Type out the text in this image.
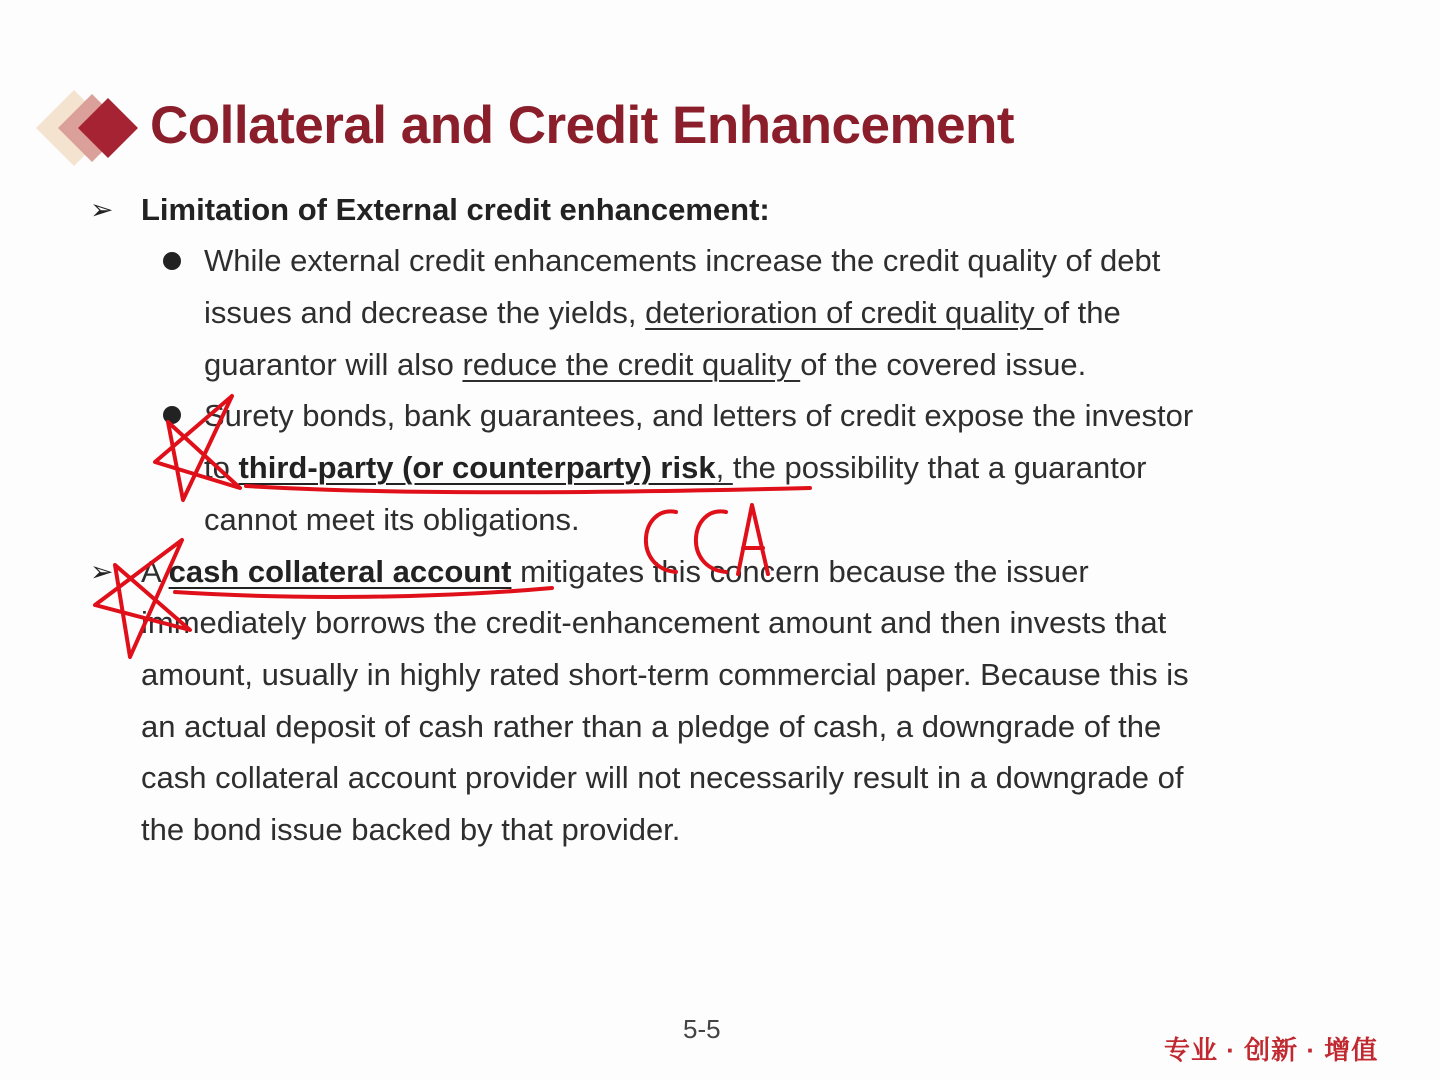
Collateral and Credit Enhancement
➢ Limitation of External credit enhancement:
While external credit enhancements increase the credit quality of debt
issues and decrease the yields, deterioration of credit quality of the
guarantor will also reduce the credit quality of the covered issue.
Surety bonds, bank guarantees, and letters of credit expose the investor
to third-party (or counterparty) risk, the possibility that a guarantor
cannot meet its obligations.
➢ A cash collateral account mitigates this concern because the issuer
immediately borrows the credit-enhancement amount and then invests that
amount, usually in highly rated short-term commercial paper. Because this is
an actual deposit of cash rather than a pledge of cash, a downgrade of the
cash collateral account provider will not necessarily result in a downgrade of
the bond issue backed by that provider.
CCA
5-5
专业 · 创新 · 增值
